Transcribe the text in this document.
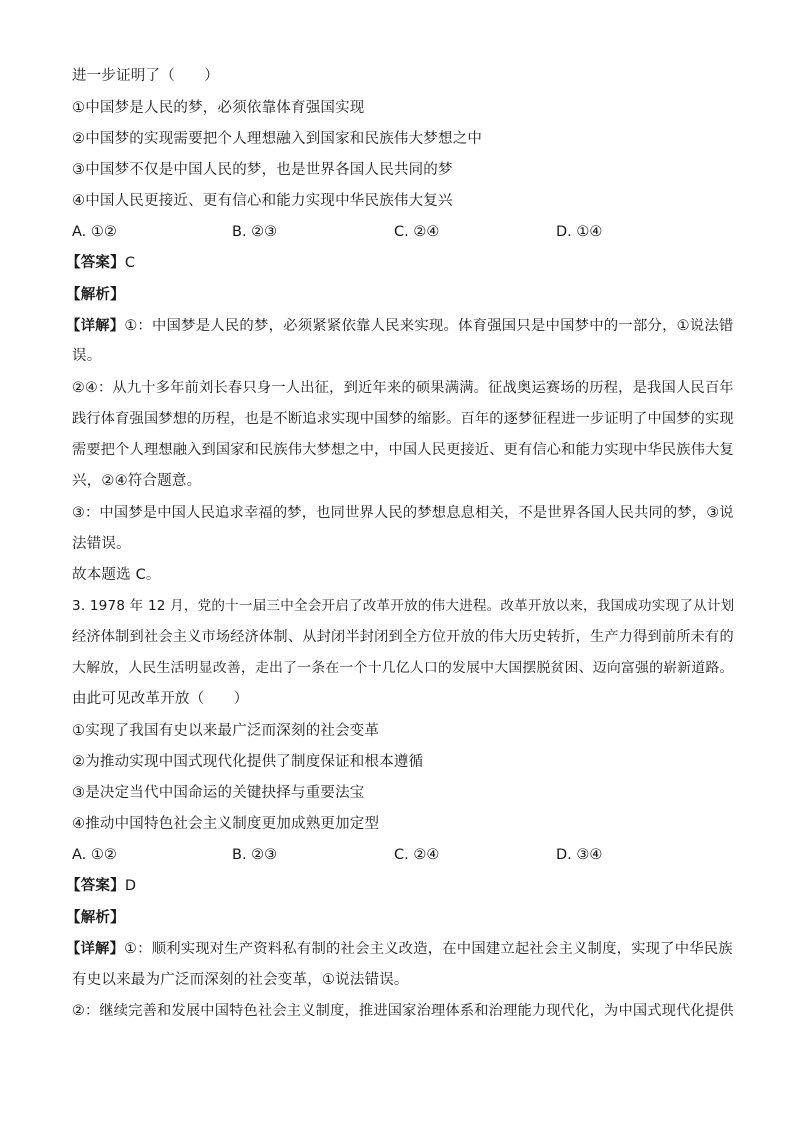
进一步证明了（　　）
①中国梦是人民的梦，必须依靠体育强国实现
②中国梦的实现需要把个人理想融入到国家和民族伟大梦想之中
③中国梦不仅是中国人民的梦，也是世界各国人民共同的梦
④中国人民更接近、更有信心和能力实现中华民族伟大复兴
A. ①②	B. ②③	C. ②④	D. ①④
【答案】C
【解析】
【详解】①：中国梦是人民的梦，必须紧紧依靠人民来实现。体育强国只是中国梦中的一部分，①说法错
误。
②④：从九十多年前刘长春只身一人出征，到近年来的硕果满满。征战奥运赛场的历程，是我国人民百年
践行体育强国梦想的历程，也是不断追求实现中国梦的缩影。百年的逐梦征程进一步证明了中国梦的实现
需要把个人理想融入到国家和民族伟大梦想之中，中国人民更接近、更有信心和能力实现中华民族伟大复
兴，②④符合题意。
③：中国梦是中国人民追求幸福的梦，也同世界人民的梦想息息相关，不是世界各国人民共同的梦，③说
法错误。
故本题选 C。
3. 1978 年 12 月，党的十一届三中全会开启了改革开放的伟大进程。改革开放以来，我国成功实现了从计划
经济体制到社会主义市场经济体制、从封闭半封闭到全方位开放的伟大历史转折，生产力得到前所未有的
大解放，人民生活明显改善，走出了一条在一个十几亿人口的发展中大国摆脱贫困、迈向富强的崭新道路。
由此可见改革开放（　　）
①实现了我国有史以来最广泛而深刻的社会变革
②为推动实现中国式现代化提供了制度保证和根本遵循
③是决定当代中国命运的关键抉择与重要法宝
④推动中国特色社会主义制度更加成熟更加定型
A. ①②	B. ②③	C. ②④	D. ③④
【答案】D
【解析】
【详解】①：顺利实现对生产资料私有制的社会主义改造，在中国建立起社会主义制度，实现了中华民族
有史以来最为广泛而深刻的社会变革，①说法错误。
②：继续完善和发展中国特色社会主义制度，推进国家治理体系和治理能力现代化，为中国式现代化提供
